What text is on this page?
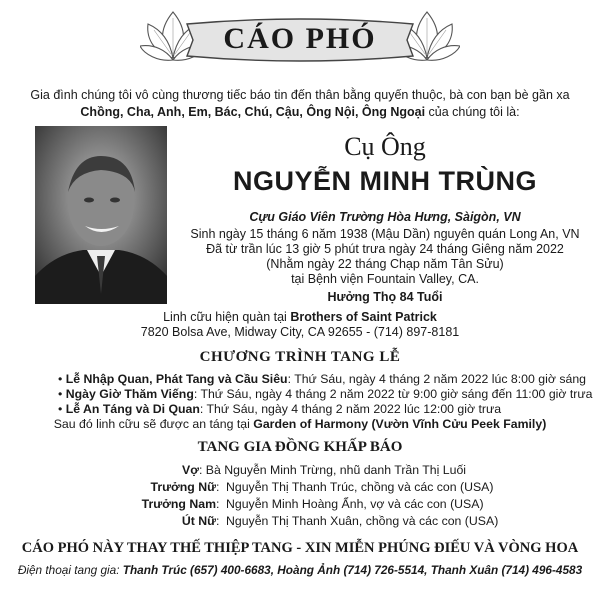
CÁO PHÓ
Gia đình chúng tôi vô cùng thương tiếc báo tin đến thân bằng quyến thuộc, bà con bạn bè gần xa
Chồng, Cha, Anh, Em, Bác, Chú, Cậu, Ông Nội, Ông Ngoại của chúng tôi là:
Cụ Ông
NGUYỄN MINH TRÙNG
Cựu Giáo Viên Trường Hòa Hưng, Sàigòn, VN
Sinh ngày 15 tháng 6 năm 1938 (Mậu Dần) nguyên quán Long An, VN
Đã từ trần lúc 13 giờ 5 phút trưa ngày 24 tháng Giêng năm 2022
(Nhằm ngày 22 tháng Chạp năm Tân Sửu)
tại Bệnh viện Fountain Valley, CA.
Hưởng Thọ 84 Tuổi
Linh cữu hiện quàn tại Brothers of Saint Patrick
7820 Bolsa Ave, Midway City, CA 92655 - (714) 897-8181
CHƯƠNG TRÌNH TANG LỄ
• Lễ Nhập Quan, Phát Tang và Cầu Siêu: Thứ Sáu, ngày 4 tháng 2 năm 2022 lúc 8:00 giờ sáng
• Ngày Giờ Thăm Viếng: Thứ Sáu, ngày 4 tháng 2 năm 2022 từ 9:00 giờ sáng đến 11:00 giờ trưa
• Lễ An Táng và Di Quan: Thứ Sáu, ngày 4 tháng 2 năm 2022 lúc 12:00 giờ trưa
Sau đó linh cữu sẽ được an táng tại Garden of Harmony (Vườn Vĩnh Cửu Peek Family)
TANG GIA ĐỒNG KHẤP BÁO
Vợ: Bà Nguyễn Minh Trừng, nhũ danh Trần Thị Luối
Trưởng Nữ : Nguyễn Thị Thanh Trúc, chồng và các con (USA)
Trưởng Nam : Nguyễn Minh Hoàng Ẩnh, vợ và các con (USA)
Út Nữ : Nguyễn Thị Thanh Xuân, chồng và các con (USA)
CÁO PHÓ NÀY THAY THẾ THIỆP TANG - XIN MIỄN PHÚNG ĐIẾU VÀ VÒNG HOA
Điện thoại tang gia: Thanh Trúc (657) 400-6683, Hoàng Ảnh (714) 726-5514, Thanh Xuân (714) 496-4583
